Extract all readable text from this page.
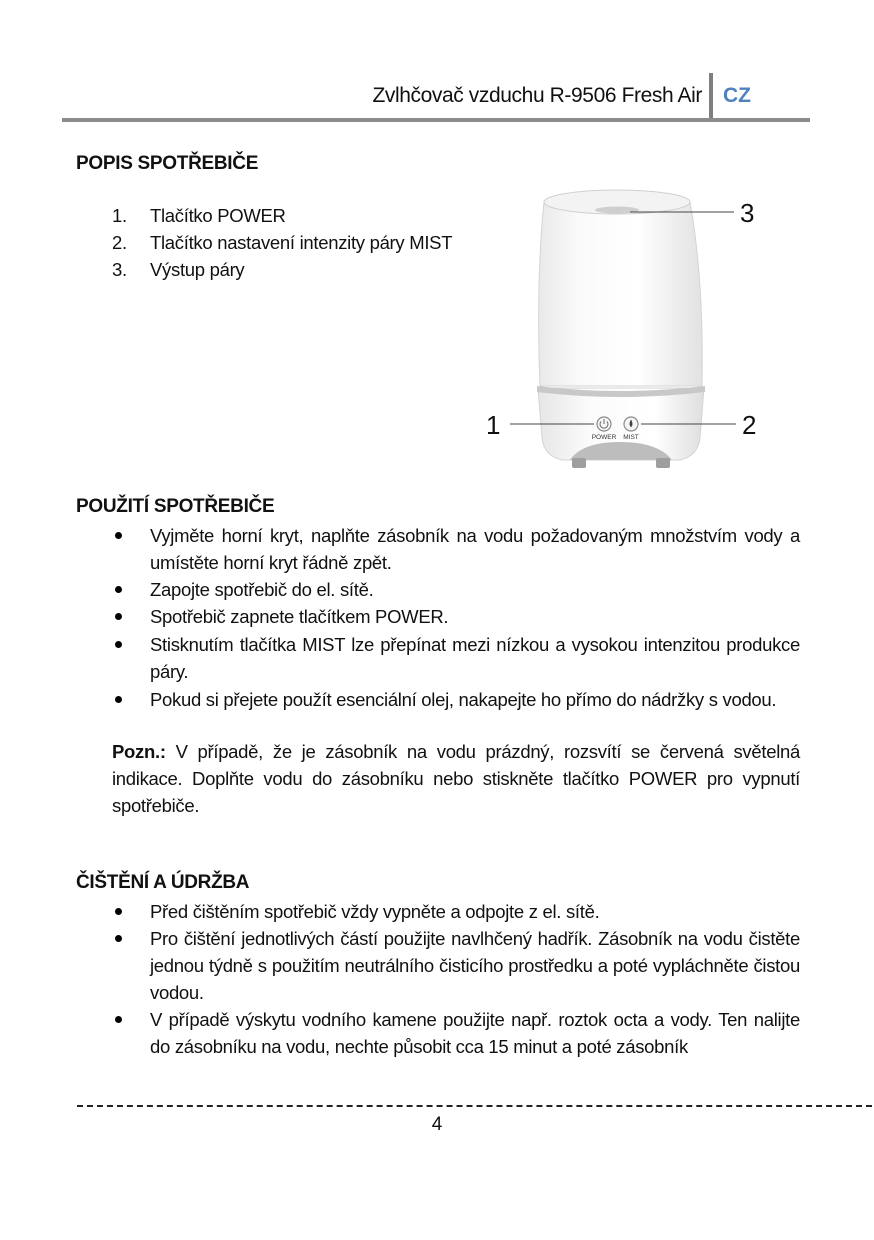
Zvlhčovač vzduchu R-9506 Fresh Air CZ
POPIS SPOTŘEBIČE
1. Tlačítko POWER
2. Tlačítko nastavení intenzity páry MIST
3. Výstup páry
POWER MIST
3
1	2
POUŽITÍ SPOTŘEBIČE
Vyjměte horní kryt, naplňte zásobník na vodu požadovaným množstvím vody a umístěte horní kryt řádně zpět.
Zapojte spotřebič do el. sítě.
Spotřebič zapnete tlačítkem POWER.
Stisknutím tlačítka MIST lze přepínat mezi nízkou a vysokou intenzitou produkce páry.
Pokud si přejete použít esenciální olej, nakapejte ho přímo do nádržky s vodou.
Pozn.: V případě, že je zásobník na vodu prázdný, rozsvítí se červená světelná indikace. Doplňte vodu do zásobníku nebo stiskněte tlačítko POWER pro vypnutí spotřebiče.
ČIŠTĚNÍ A ÚDRŽBA
Před čištěním spotřebič vždy vypněte a odpojte z el. sítě.
Pro čištění jednotlivých částí použijte navlhčený hadřík. Zásobník na vodu čistěte jednou týdně s použitím neutrálního čisticího prostředku a poté vypláchněte čistou vodou.
V případě výskytu vodního kamene použijte např. roztok octa a vody. Ten nalijte do zásobníku na vodu, nechte působit cca 15 minut a poté zásobník
4
